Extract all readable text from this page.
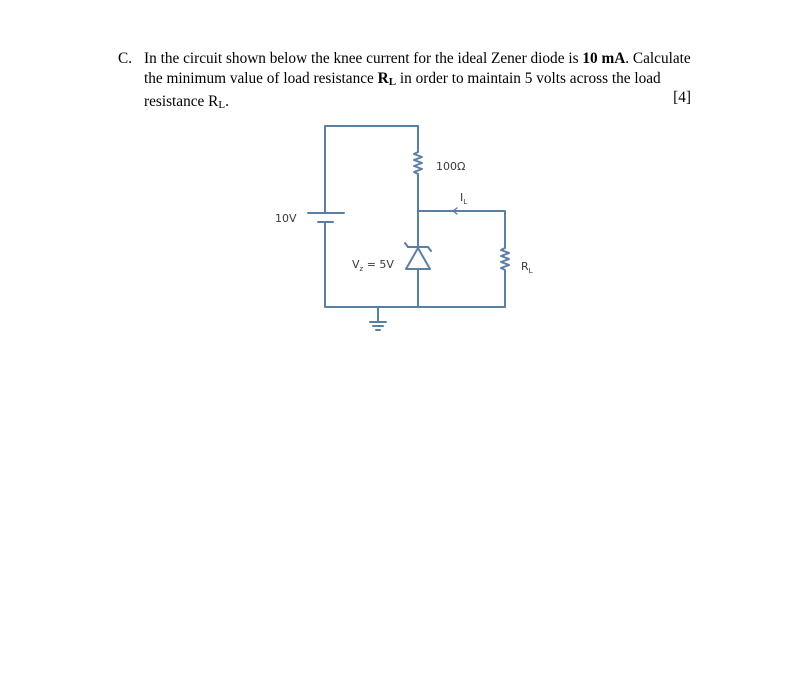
C. In the circuit shown below the knee current for the ideal Zener diode is 10 mA. Calculate
the minimum value of load resistance RL in order to maintain 5 volts across the load
resistance RL.	[4]
10V
100Ω
$I_L$
$V_z = 5V$	$R_L$
